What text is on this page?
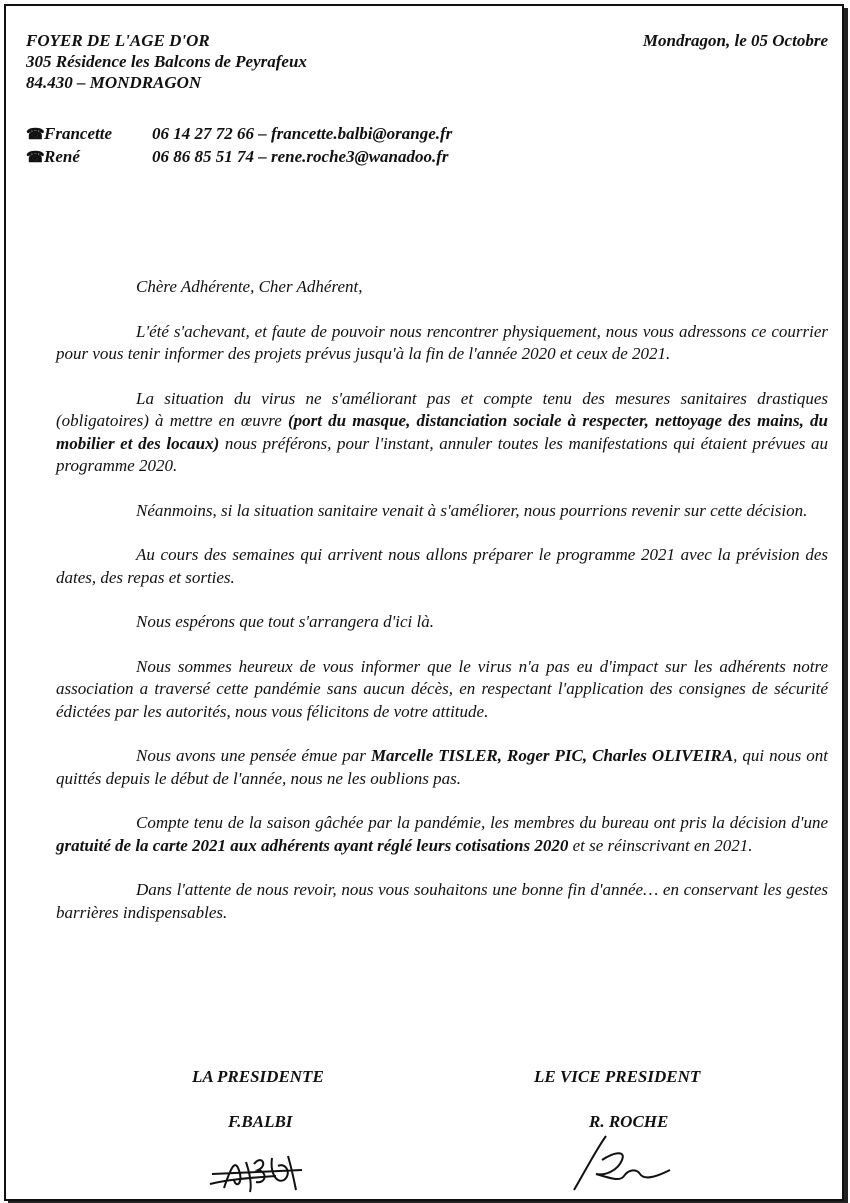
FOYER DE L'AGE D'OR
305 Résidence les Balcons de Peyrafeux
84.430 – MONDRAGON
Mondragon, le 05 Octobre
☎Francette 06 14 27 72 66 – francette.balbi@orange.fr
☎René	06 86 85 51 74 – rene.roche3@wanadoo.fr

Chère Adhérente, Cher Adhérent,

L'été s'achevant, et faute de pouvoir nous rencontrer physiquement, nous vous adressons ce courrier pour vous tenir informer des projets prévus jusqu'à la fin de l'année 2020 et ceux de 2021.

La situation du virus ne s'améliorant pas et compte tenu des mesures sanitaires drastiques (obligatoires) à mettre en œuvre (port du masque, distanciation sociale à respecter, nettoyage des mains, du mobilier et des locaux) nous préférons, pour l'instant, annuler toutes les manifestations qui étaient prévues au programme 2020.

Néanmoins, si la situation sanitaire venait à s'améliorer, nous pourrions revenir sur cette décision.

Au cours des semaines qui arrivent nous allons préparer le programme 2021 avec la prévision des dates, des repas et sorties.

Nous espérons que tout s'arrangera d'ici là.

Nous sommes heureux de vous informer que le virus n'a pas eu d'impact sur les adhérents notre association a traversé cette pandémie sans aucun décès, en respectant l'application des consignes de sécurité édictées par les autorités, nous vous félicitons de votre attitude.

Nous avons une pensée émue par Marcelle TISLER, Roger PIC, Charles OLIVEIRA, qui nous ont quittés depuis le début de l'année, nous ne les oublions pas.

Compte tenu de la saison gâchée par la pandémie, les membres du bureau ont pris la décision d'une gratuité de la carte 2021 aux adhérents ayant réglé leurs cotisations 2020 et se réinscrivant en 2021.

Dans l'attente de nous revoir, nous vous souhaitons une bonne fin d'année… en conservant les gestes barrières indispensables.

LA PRESIDENTE	LE VICE PRESIDENT
F.BALBI	R. ROCHE
